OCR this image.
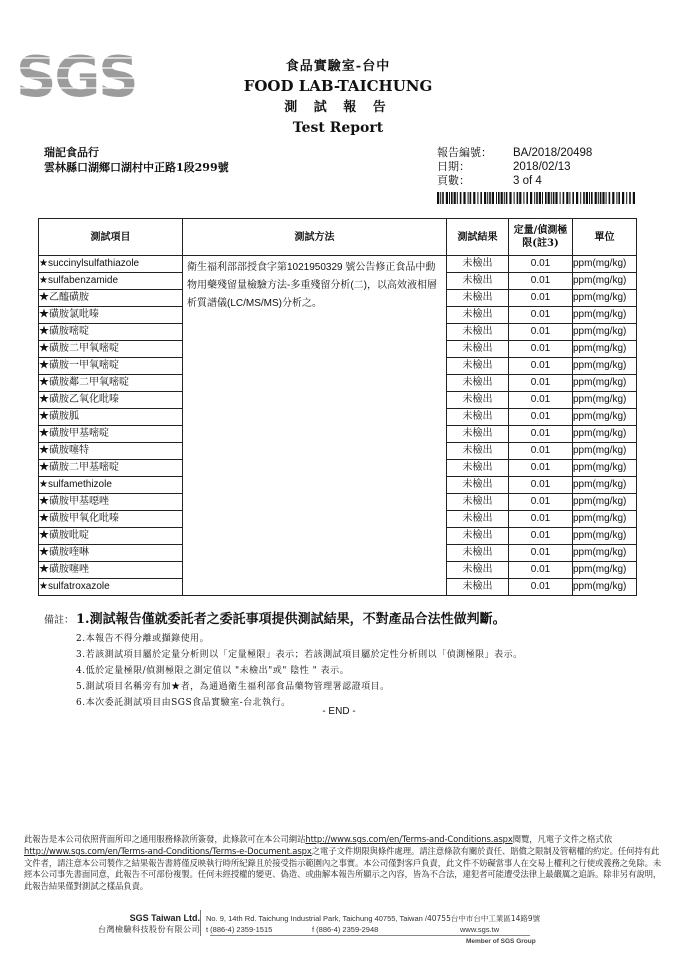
SGS	食品實驗室-台中
FOOD LAB-TAICHUNG
測 試 報 告
Test Report
瑞記食品行
雲林縣口湖鄉口湖村中正路1段299號
報告編號：	BA/2018/20498
日期：	2018/02/13
頁數：	3 of 4
測試項目	測試方法	測試結果	定量/偵測極限(註3)	單位
★succinylsulfathiazole	衛生福利部部授食字第1021950329 號公告修正食品中動物用藥殘留量檢驗方法-多重殘留分析(二)，以高效液相層析質譜儀(LC/MS/MS)分析之。	未檢出	0.01	ppm(mg/kg)
★sulfabenzamide		未檢出	0.01	ppm(mg/kg)
★乙醯磺胺		未檢出	0.01	ppm(mg/kg)
★磺胺氯吡嗪		未檢出	0.01	ppm(mg/kg)
★磺胺嘧啶		未檢出	0.01	ppm(mg/kg)
★磺胺二甲氧嘧啶		未檢出	0.01	ppm(mg/kg)
★磺胺一甲氧嘧啶		未檢出	0.01	ppm(mg/kg)
★磺胺鄰二甲氧嘧啶		未檢出	0.01	ppm(mg/kg)
★磺胺乙氧化吡嗪		未檢出	0.01	ppm(mg/kg)
★磺胺胍		未檢出	0.01	ppm(mg/kg)
★磺胺甲基嘧啶		未檢出	0.01	ppm(mg/kg)
★磺胺噻特		未檢出	0.01	ppm(mg/kg)
★磺胺二甲基嘧啶		未檢出	0.01	ppm(mg/kg)
★sulfamethizole		未檢出	0.01	ppm(mg/kg)
★磺胺甲基噁唑		未檢出	0.01	ppm(mg/kg)
★磺胺甲氧化吡嗪		未檢出	0.01	ppm(mg/kg)
★磺胺吡啶		未檢出	0.01	ppm(mg/kg)
★磺胺喹啉		未檢出	0.01	ppm(mg/kg)
★磺胺噻唑		未檢出	0.01	ppm(mg/kg)
★sulfatroxazole		未檢出	0.01	ppm(mg/kg)
備註： 1.測試報告僅就委託者之委託事項提供測試結果，不對產品合法性做判斷。
2.本報告不得分離或擷錄使用。
3.若該測試項目屬於定量分析則以「定量極限」表示；若該測試項目屬於定性分析則以「偵測極限」表示。
4.低於定量極限/偵測極限之測定值以 "未檢出"或" 陰性 " 表示。
5.測試項目名稱旁有加★者，為通過衛生福利部食品藥物管理署認證項目。
6.本次委託測試項目由SGS食品實驗室-台北執行。
- END -
此報告是本公司依照背面所印之通用服務條款所簽發，此條款可在本公司網站http://www.sgs.com/en/Terms-and-Conditions.aspx閱覽，凡電子文件之格式依http://www.sgs.com/en/Terms-and-Conditions/Terms-e-Document.aspx之電子文件期限與條件處理。請注意條款有關於責任、賠償之限制及管轄權的約定。任何持有此文件者，請注意本公司製作之結果報告書將僅反映執行時所紀錄且於接受指示範圍內之事實。本公司僅對客戶負責，此文件不妨礙當事人在交易上權利之行使或義務之免除。未經本公司事先書面同意，此報告不可部份複製。任何未經授權的變更、偽造、或曲解本報告所顯示之內容，皆為不合法，違犯者可能遭受法律上最嚴厲之追訴。除非另有說明，此報告結果僅對測試之樣品負責。
SGS Taiwan Ltd.
台灣檢驗科技股份有限公司
No. 9, 14th Rd. Taichung Industrial Park, Taichung 40755, Taiwan /40755台中市台中工業區14路9號
t (886-4) 2359-1515	f (886-4) 2359-2948	www.sgs.tw
Member of SGS Group
